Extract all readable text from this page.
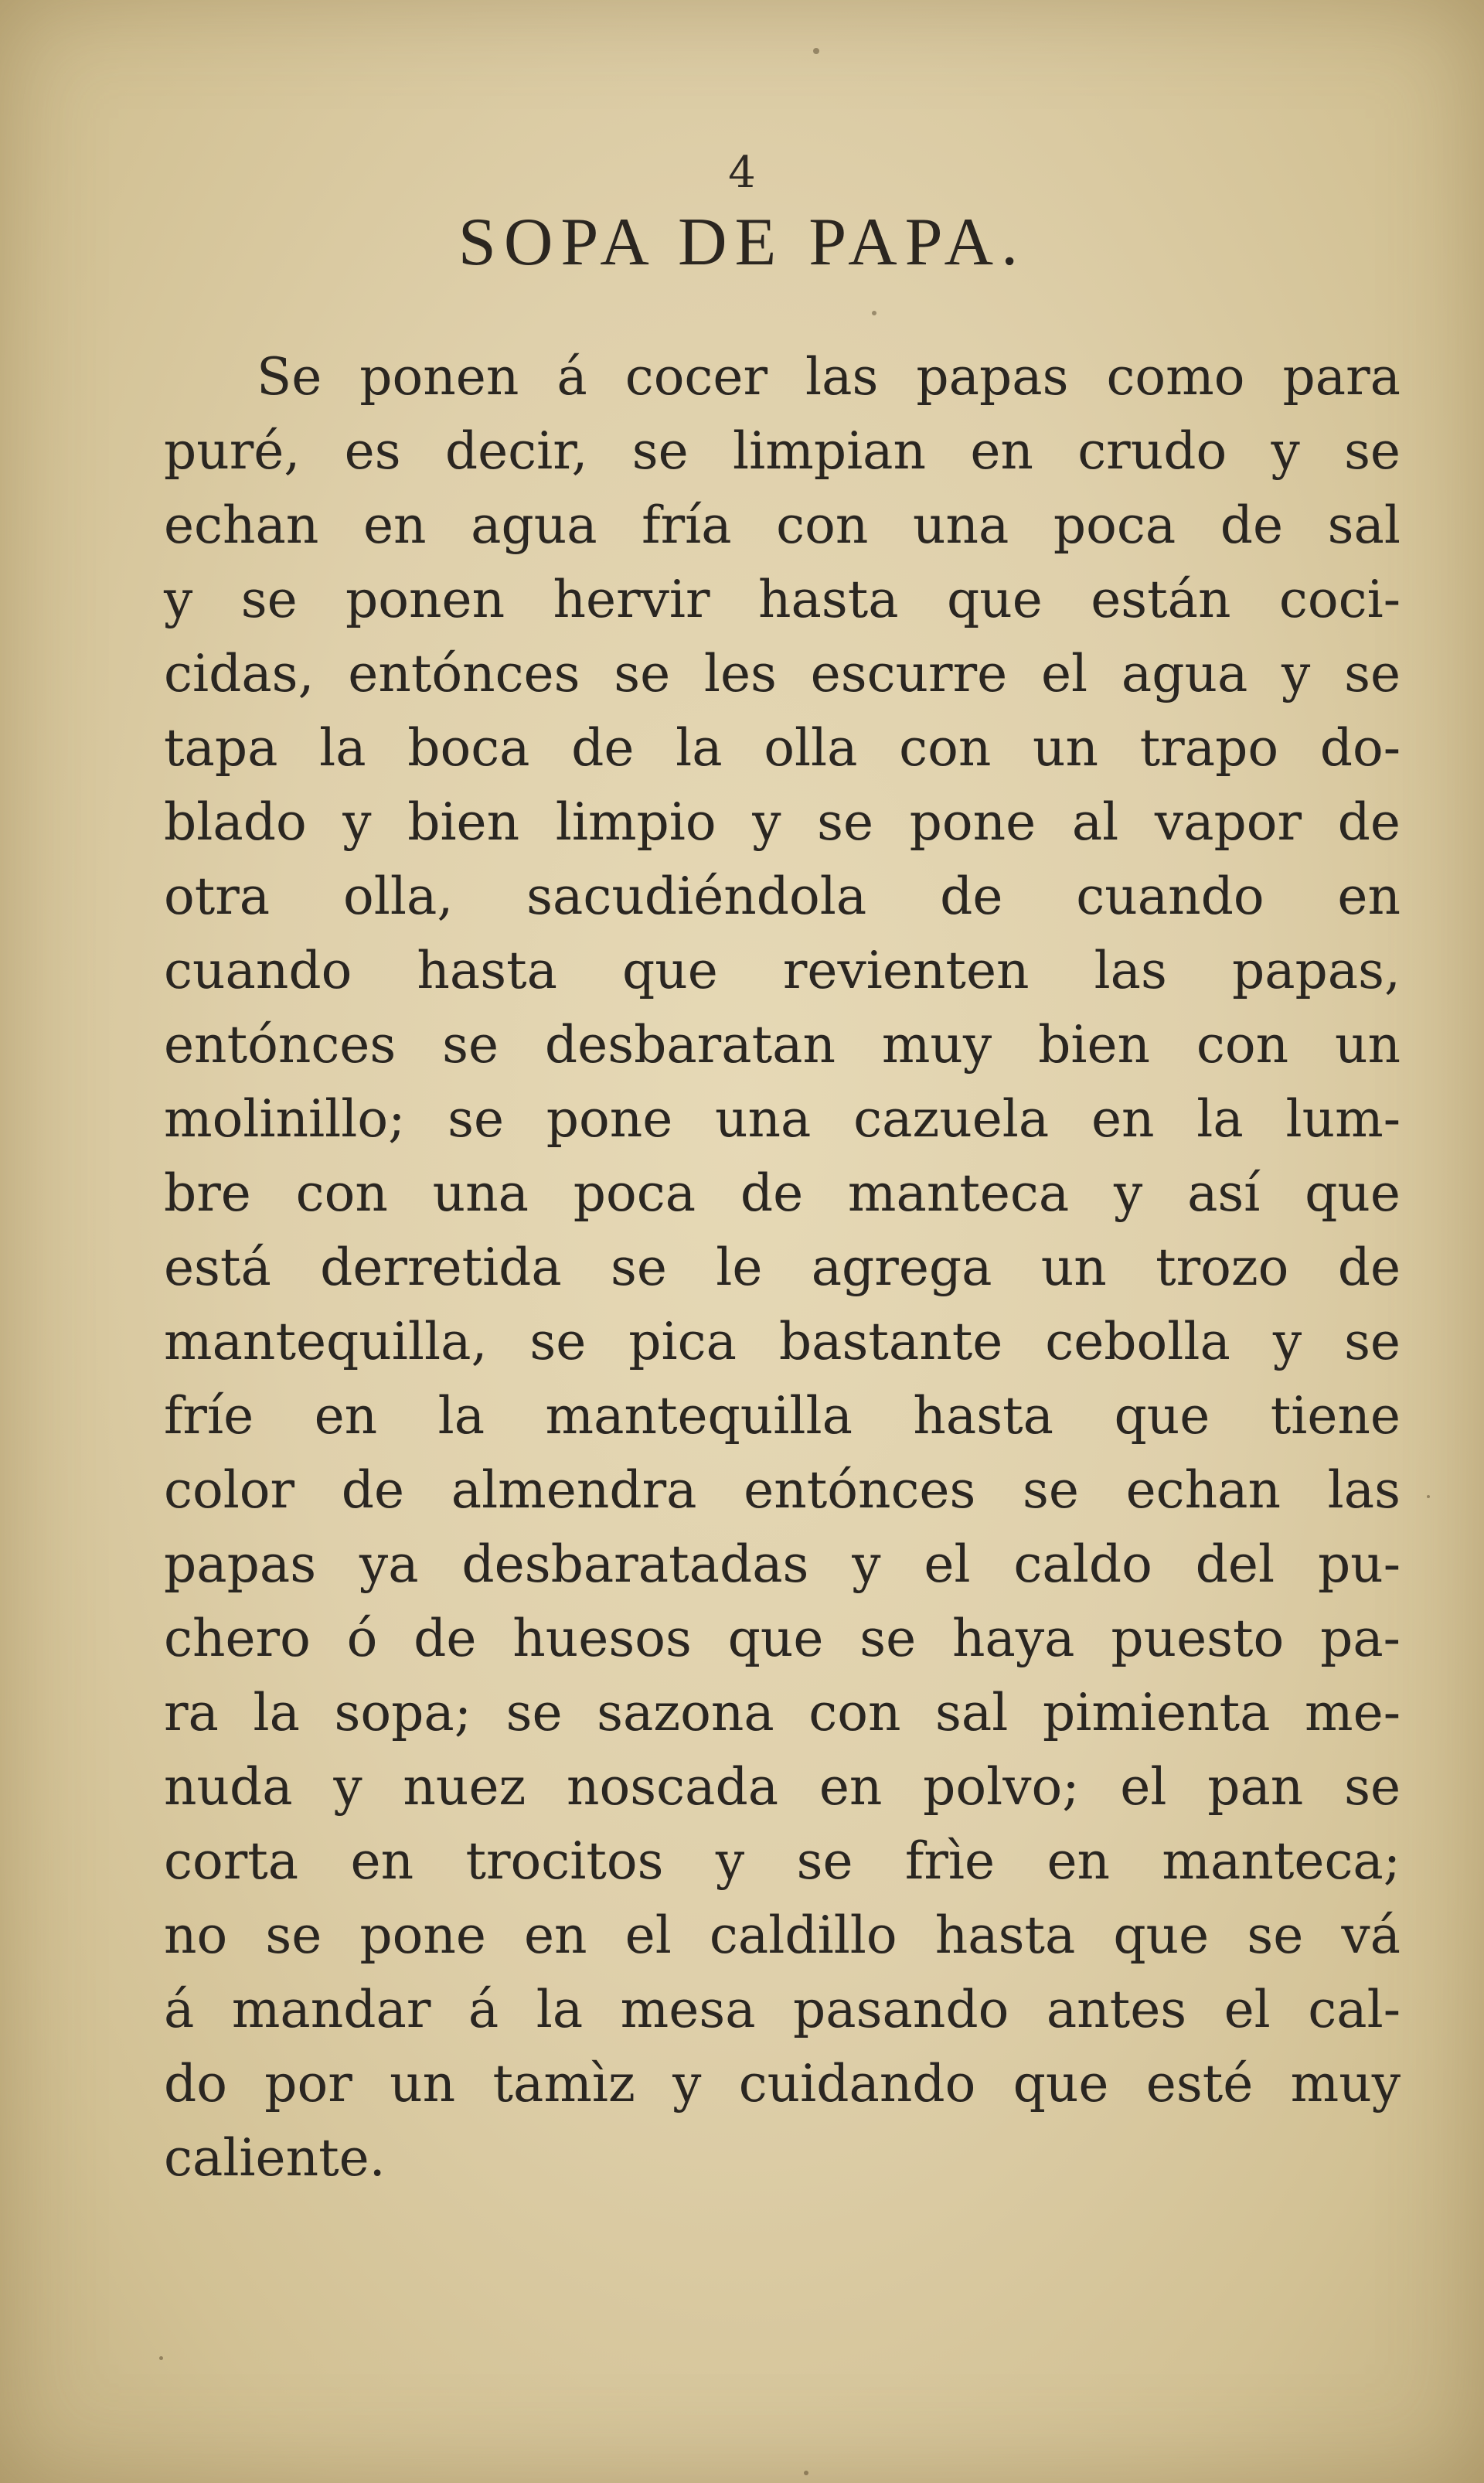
4
SOPA DE PAPA.
Se ponen á cocer las papas como para
puré, es decir, se limpian en crudo y se
echan en agua fría con una poca de sal
y se ponen hervir hasta que están coci-
cidas, entónces se les escurre el agua y se
tapa la boca de la olla con un trapo do-
blado y bien limpio y se pone al vapor de
otra olla, sacudiéndola de cuando en
cuando hasta que revienten las papas,
entónces se desbaratan muy bien con un
molinillo; se pone una cazuela en la lum-
bre con una poca de manteca y así que
está derretida se le agrega un trozo de
mantequilla, se pica bastante cebolla y se
fríe en la mantequilla hasta que tiene
color de almendra entónces se echan las
papas ya desbaratadas y el caldo del pu-
chero ó de huesos que se haya puesto pa-
ra la sopa; se sazona con sal pimienta me-
nuda y nuez noscada en polvo; el pan se
corta en trocitos y se frìe en manteca;
no se pone en el caldillo hasta que se vá
á mandar á la mesa pasando antes el cal-
do por un tamìz y cuidando que esté muy
caliente.
